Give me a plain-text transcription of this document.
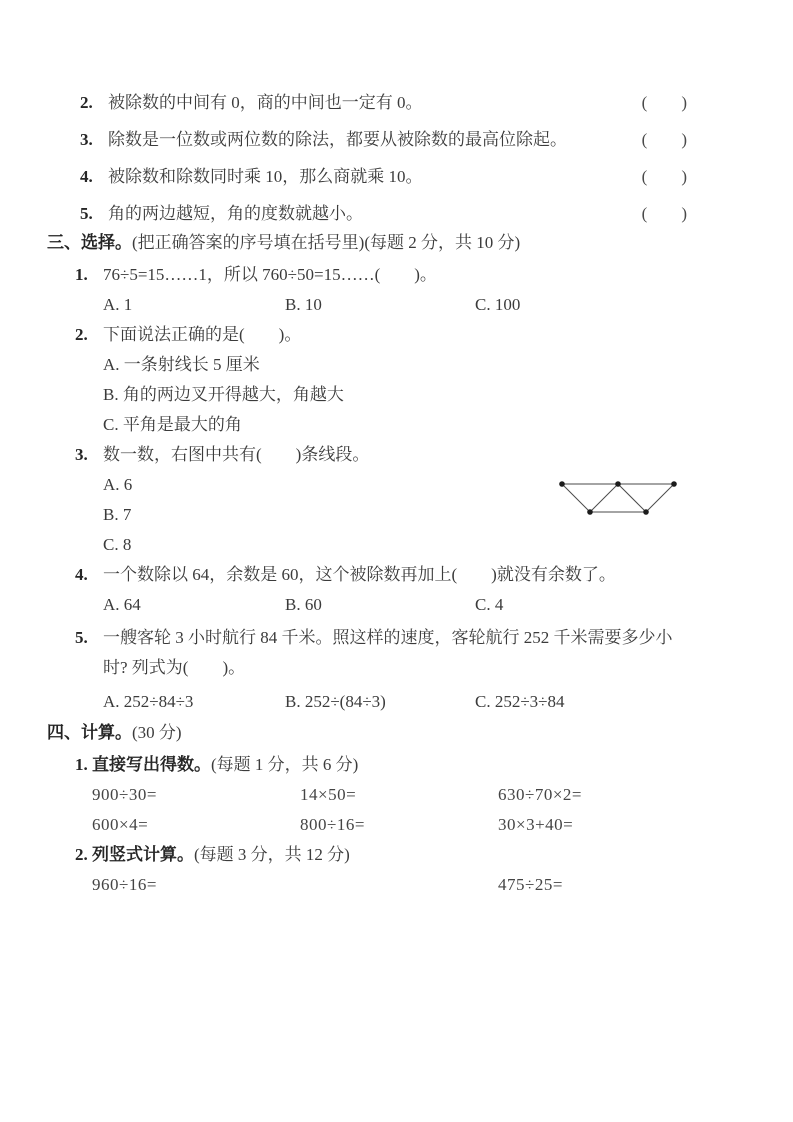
2. 被除数的中间有 0，商的中间也一定有 0。	(　　)
3. 除数是一位数或两位数的除法，都要从被除数的最高位除起。	(　　)
4. 被除数和除数同时乘 10，那么商就乘 10。	(　　)
5. 角的两边越短，角的度数就越小。	(　　)
三、选择。(把正确答案的序号填在括号里)(每题 2 分，共 10 分)
1. 76÷5=15……1，所以 760÷50=15……(　　)。
A. 1	B. 10	C. 100
2. 下面说法正确的是(　　)。
A. 一条射线长 5 厘米
B. 角的两边叉开得越大，角越大
C. 平角是最大的角
3. 数一数，右图中共有(　　)条线段。
A. 6
B. 7
C. 8
4. 一个数除以 64，余数是 60，这个被除数再加上(　　)就没有余数了。
A. 64	B. 60	C. 4
5. 一艘客轮 3 小时航行 84 千米。照这样的速度，客轮航行 252 千米需要多少小时? 列式为(　　)。
A. 252÷84÷3	B. 252÷(84÷3)	C. 252÷3÷84
四、计算。(30 分)
1. 直接写出得数。 (每题 1 分，共 6 分)
900÷30=	14×50=	630÷70×2=
600×4=	800÷16=	30×3+40=
2. 列竖式计算。 (每题 3 分，共 12 分)
960÷16=	475÷25=
